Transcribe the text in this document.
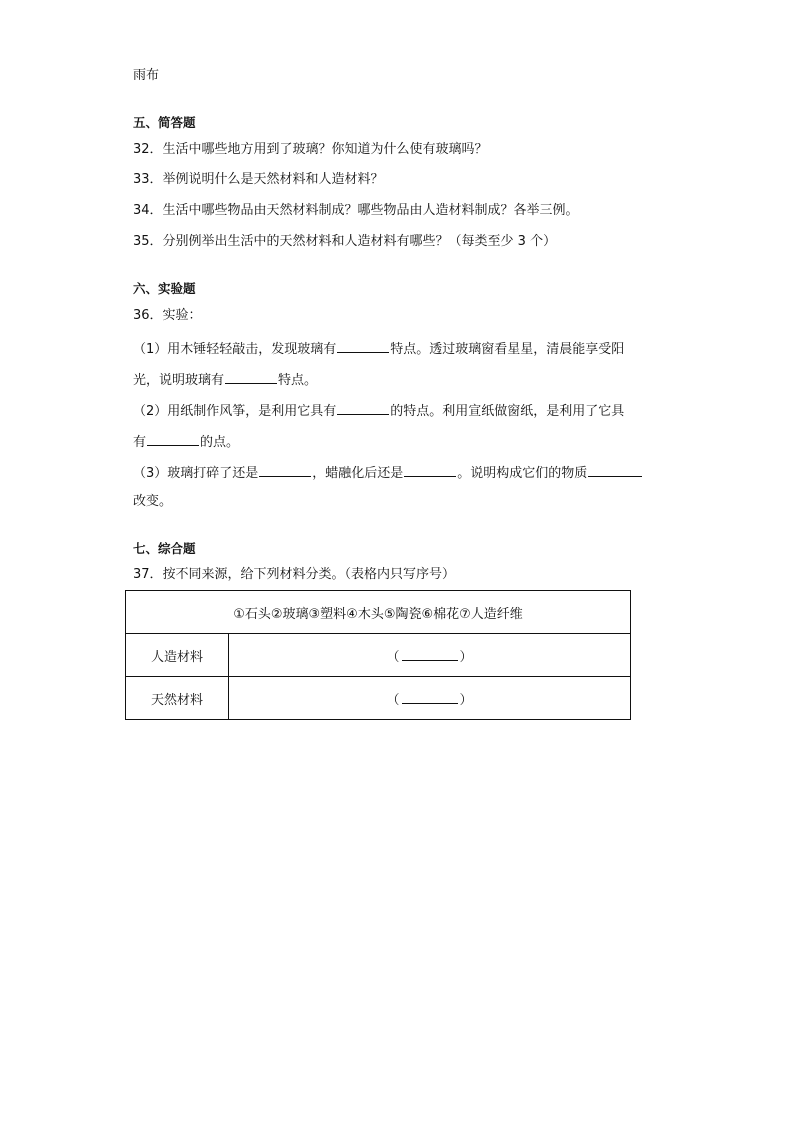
雨布
五、简答题
32．生活中哪些地方用到了玻璃？你知道为什么使有玻璃吗？
33．举例说明什么是天然材料和人造材料？
34．生活中哪些物品由天然材料制成？哪些物品由人造材料制成？各举三例。
35．分别例举出生活中的天然材料和人造材料有哪些？（每类至少 3 个）
六、实验题
36．实验：
（1）用木锤轻轻敲击，发现玻璃有	特点。透过玻璃窗看星星，清晨能享受阳
光，说明玻璃有	特点。
（2）用纸制作风筝，是利用它具有	的特点。利用宣纸做窗纸，是利用了它具
有	的点。
（3）玻璃打碎了还是	，蜡融化后还是	。说明构成它们的物质
改变。
七、综合题
37．按不同来源，给下列材料分类。（表格内只写序号）
①石头②玻璃③塑料④木头⑤陶瓷⑥棉花⑦人造纤维	
人造材料	（ ）
天然材料	（ ）
